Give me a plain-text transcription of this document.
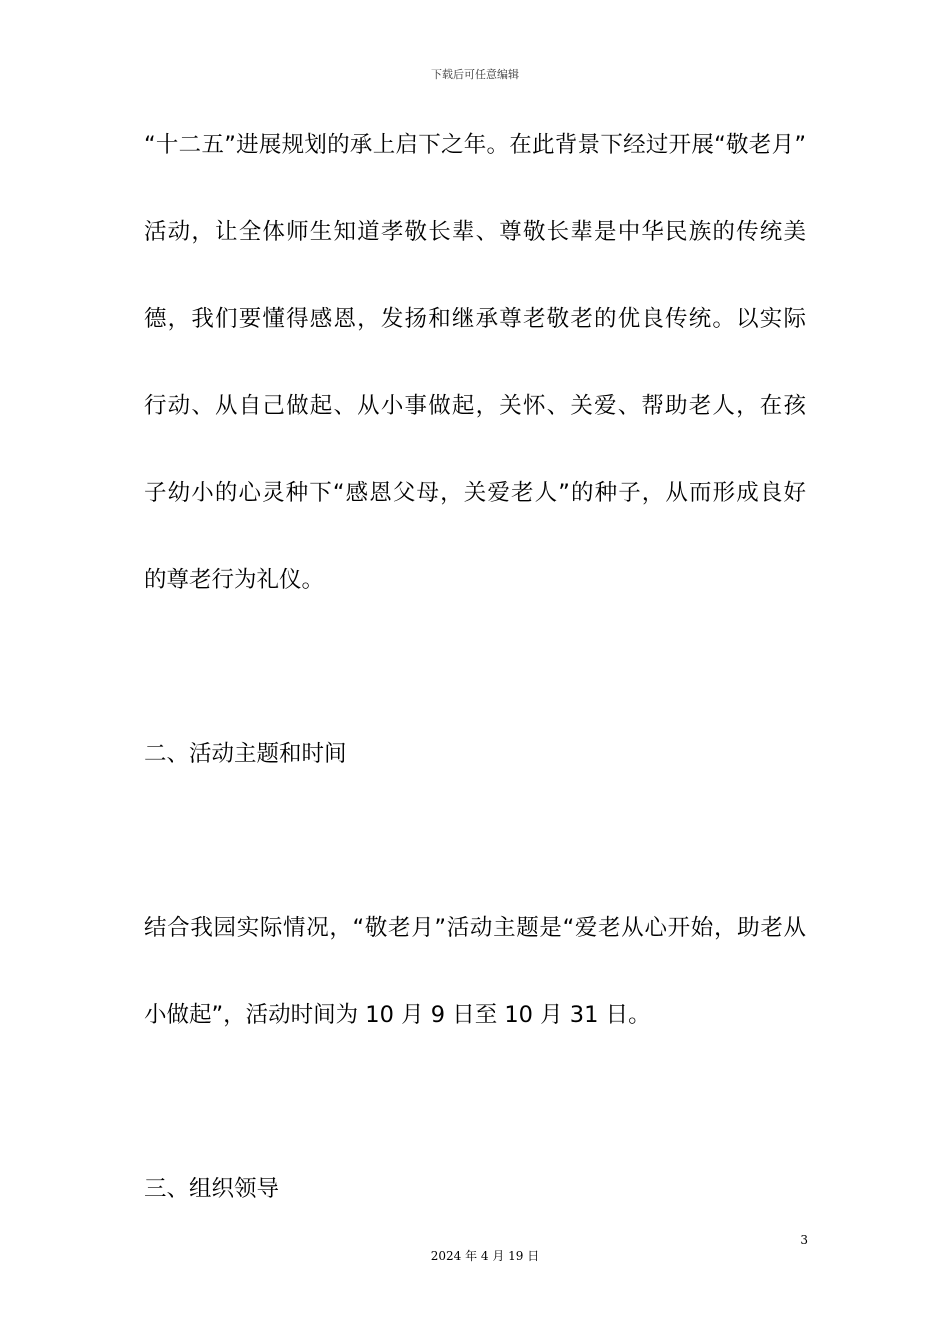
下载后可任意编辑
“十二五”进展规划的承上启下之年。在此背景下经过开展“敬老月”
活动，让全体师生知道孝敬长辈、尊敬长辈是中华民族的传统美
德，我们要懂得感恩，发扬和继承尊老敬老的优良传统。以实际
行动、从自己做起、从小事做起，关怀、关爱、帮助老人，在孩
子幼小的心灵种下“感恩父母，关爱老人”的种子，从而形成良好
的尊老行为礼仪。
二、活动主题和时间
结合我园实际情况，“敬老月”活动主题是“爱老从心开始，助老从
小做起”，活动时间为 10 月 9 日至 10 月 31 日。
三、组织领导
3
2024 年 4 月 19 日
